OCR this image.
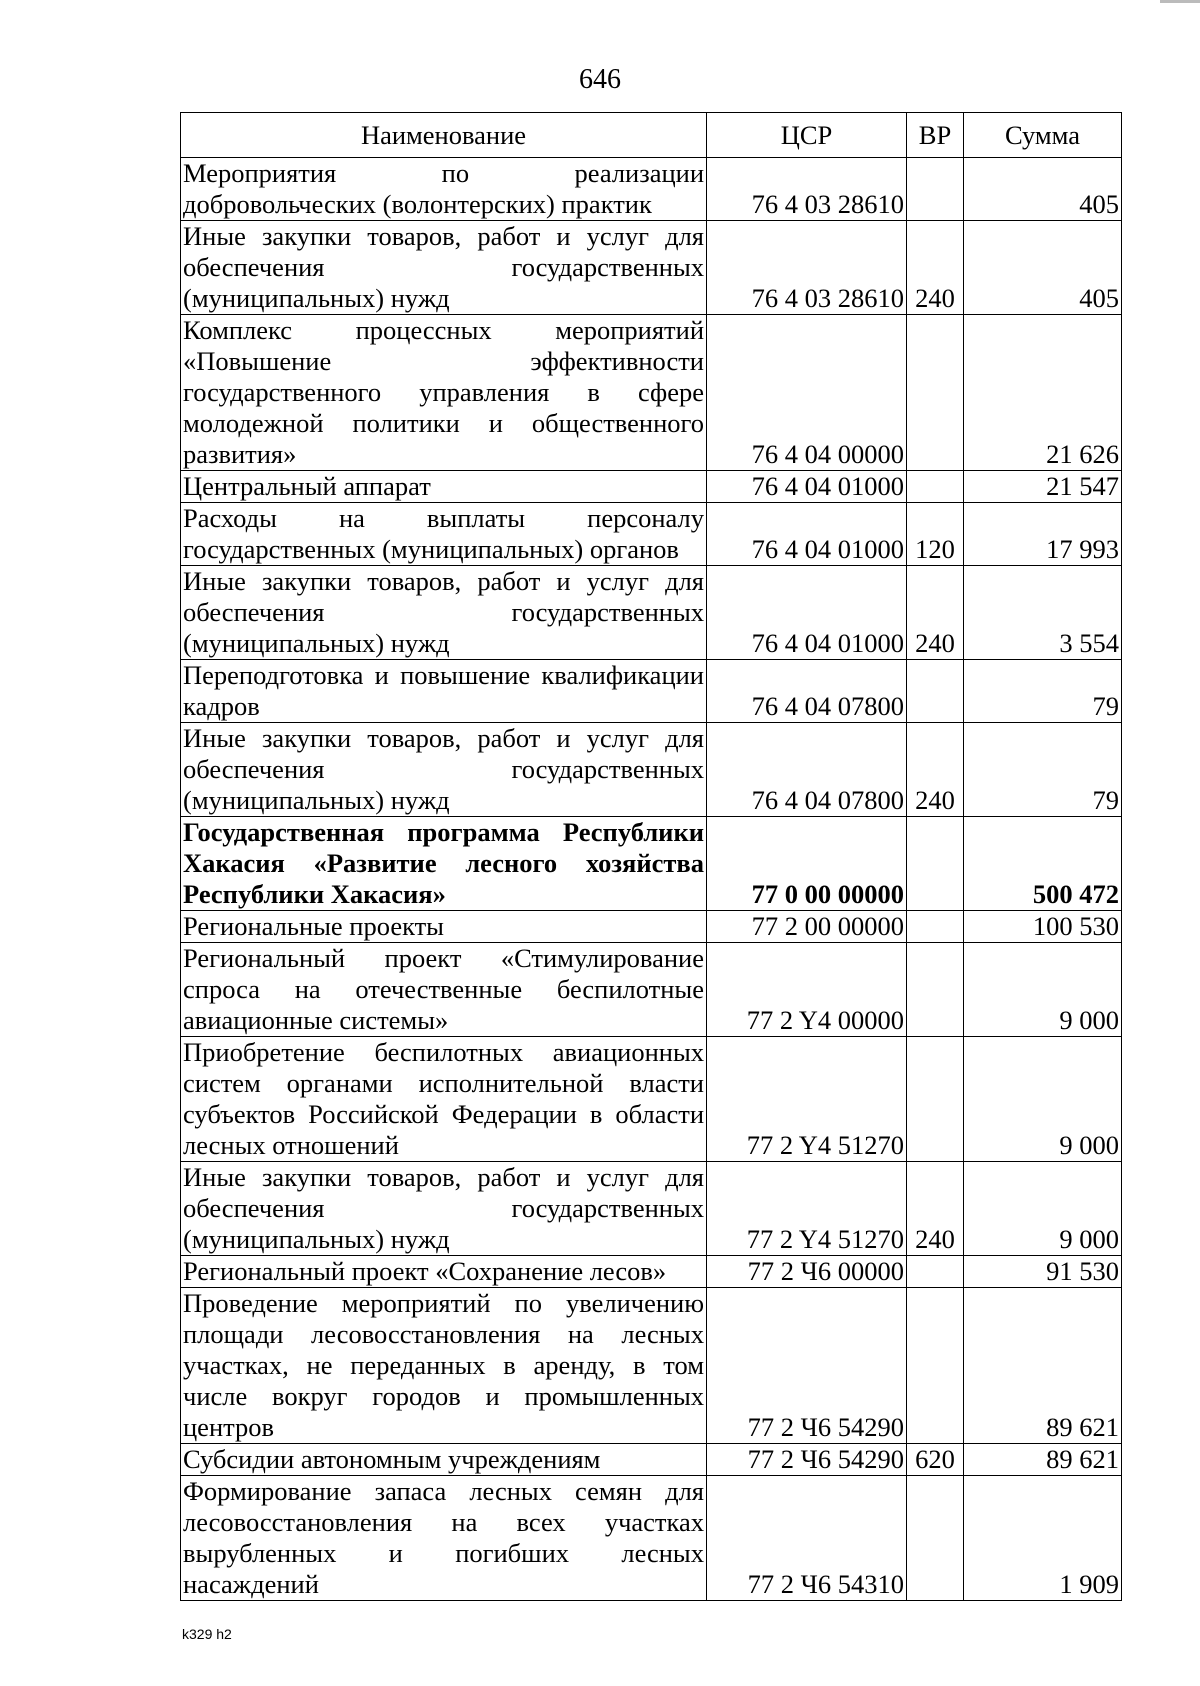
646
Наименование	ЦСР	ВР	Сумма
Мероприятия по реализации добровольческих (волонтерских) практик	76 4 03 28610		405
Иные закупки товаров, работ и услуг для обеспечения государственных (муниципальных) нужд	76 4 03 28610	240	405
Комплекс процессных мероприятий «Повышение эффективности государственного управления в сфере молодежной политики и общественного развития»	76 4 04 00000		21 626
Центральный аппарат	76 4 04 01000		21 547
Расходы на выплаты персоналу государственных (муниципальных) органов	76 4 04 01000	120	17 993
Иные закупки товаров, работ и услуг для обеспечения государственных (муниципальных) нужд	76 4 04 01000	240	3 554
Переподготовка и повышение квалификации кадров	76 4 04 07800		79
Иные закупки товаров, работ и услуг для обеспечения государственных (муниципальных) нужд	76 4 04 07800	240	79
Государственная программа Республики Хакасия «Развитие лесного хозяйства Республики Хакасия»	77 0 00 00000		500 472
Региональные проекты	77 2 00 00000		100 530
Региональный проект «Стимулирование спроса на отечественные беспилотные авиационные системы»	77 2 Y4 00000		9 000
Приобретение беспилотных авиационных систем органами исполнительной власти субъектов Российской Федерации в области лесных отношений	77 2 Y4 51270		9 000
Иные закупки товаров, работ и услуг для обеспечения государственных (муниципальных) нужд	77 2 Y4 51270	240	9 000
Региональный проект «Сохранение лесов»	77 2 Ч6 00000		91 530
Проведение мероприятий по увеличению площади лесовосстановления на лесных участках, не переданных в аренду, в том числе вокруг городов и промышленных центров	77 2 Ч6 54290		89 621
Субсидии автономным учреждениям	77 2 Ч6 54290	620	89 621
Формирование запаса лесных семян для лесовосстановления на всех участках вырубленных и погибших лесных насаждений	77 2 Ч6 54310		1 909
k329 h2
